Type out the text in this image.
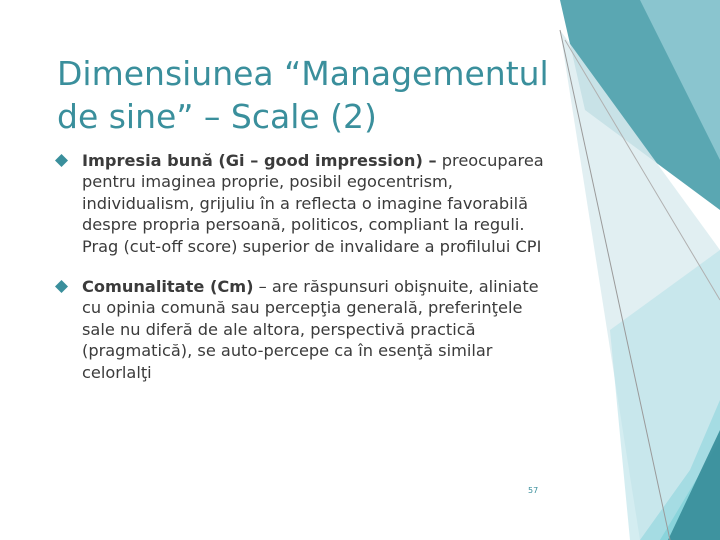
Dimensiunea “Managementul de sine” – Scale (2)
Impresia bună (Gi – good impression) – preocuparea pentru imaginea proprie, posibil egocentrism, individualism, grijuliu în a reflecta o imagine favorabilă despre propria persoană, politicos, compliant la reguli. Prag (cut-off score) superior de invalidare a profilului CPI
Comunalitate (Cm) – are răspunsuri obişnuite, aliniate cu opinia comună sau percepţia generală, preferinţele sale nu diferă de ale altora, perspectivă practică (pragmatică), se auto-percepe ca în esenţă similar celorlalţi
57
